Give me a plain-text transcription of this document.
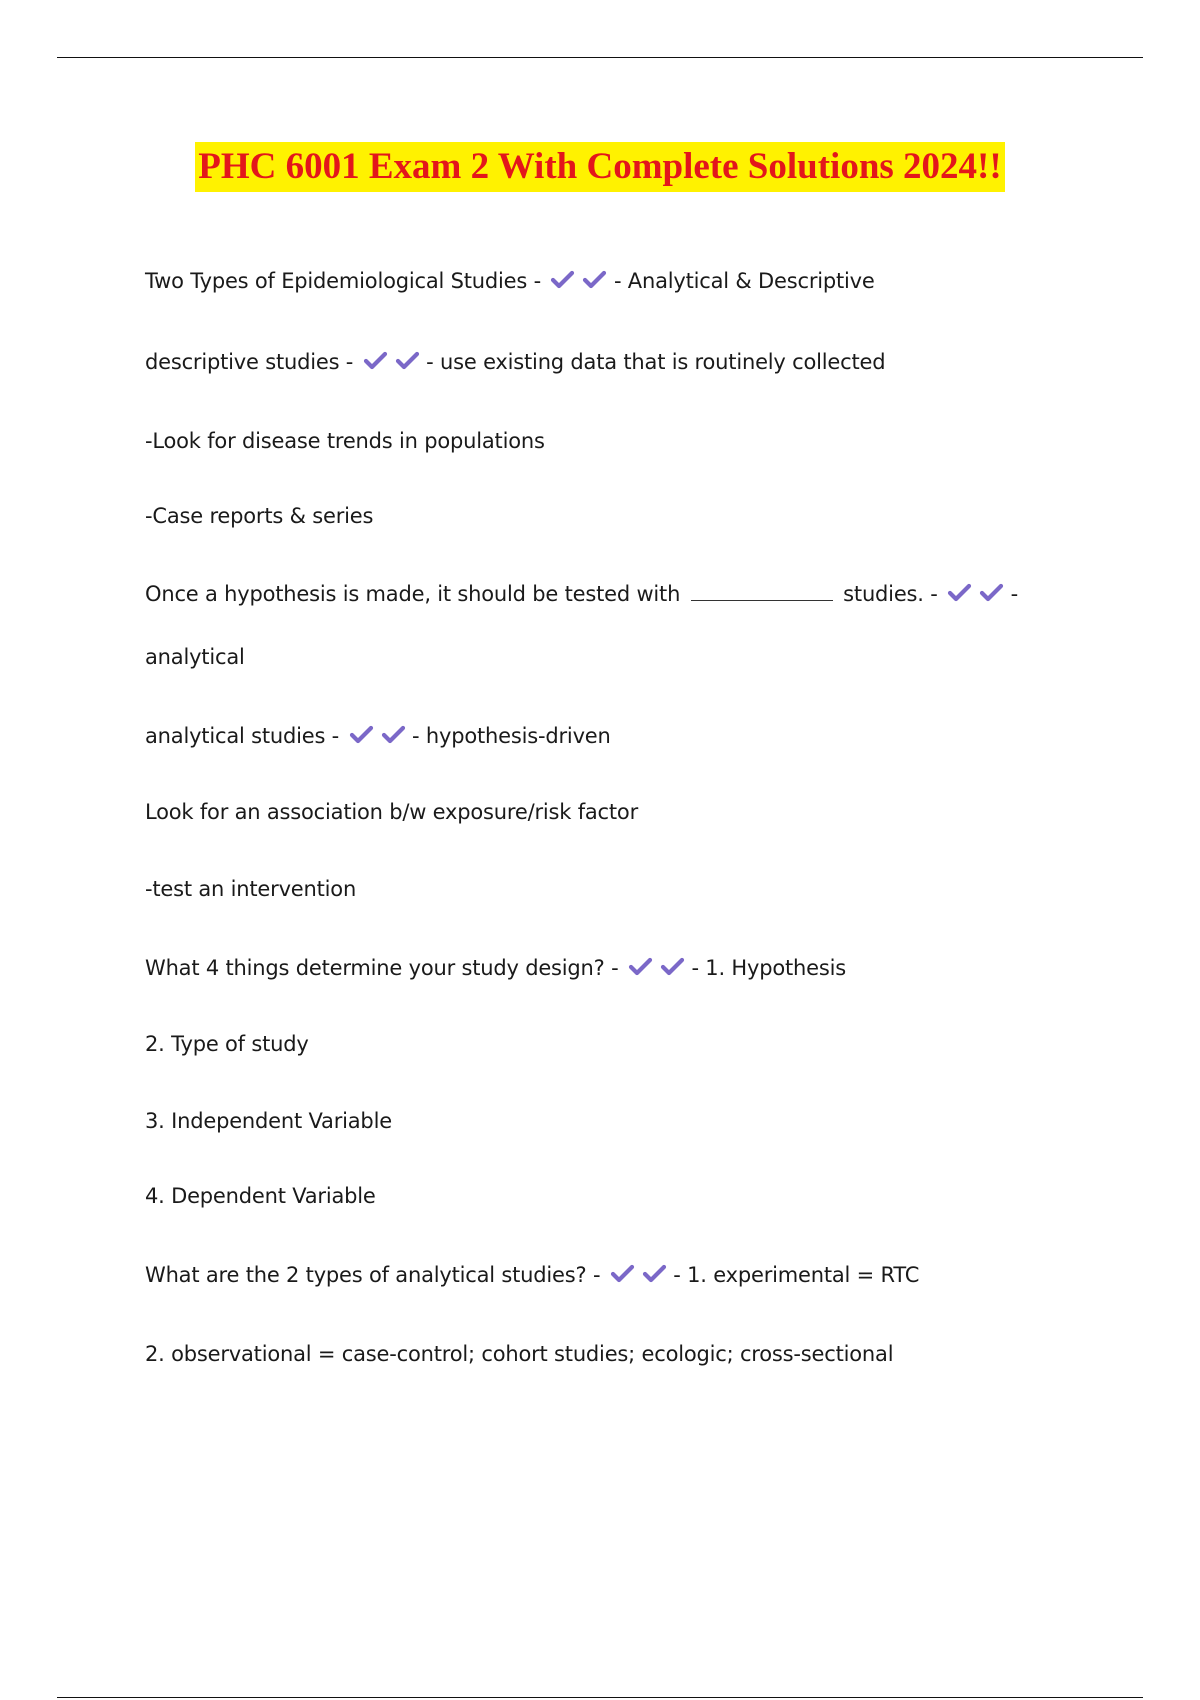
PHC 6001 Exam 2 With Complete Solutions 2024!!
Two Types of Epidemiological Studies -	- Analytical & Descriptive
descriptive studies -	- use existing data that is routinely collected
-Look for disease trends in populations
-Case reports & series
Once a hypothesis is made, it should be tested with	studies. -	-
analytical
analytical studies -	- hypothesis-driven
Look for an association b/w exposure/risk factor
-test an intervention
What 4 things determine your study design? -	- 1. Hypothesis
2. Type of study
3. Independent Variable
4. Dependent Variable
What are the 2 types of analytical studies? -	- 1. experimental = RTC
2. observational = case-control; cohort studies; ecologic; cross-sectional
